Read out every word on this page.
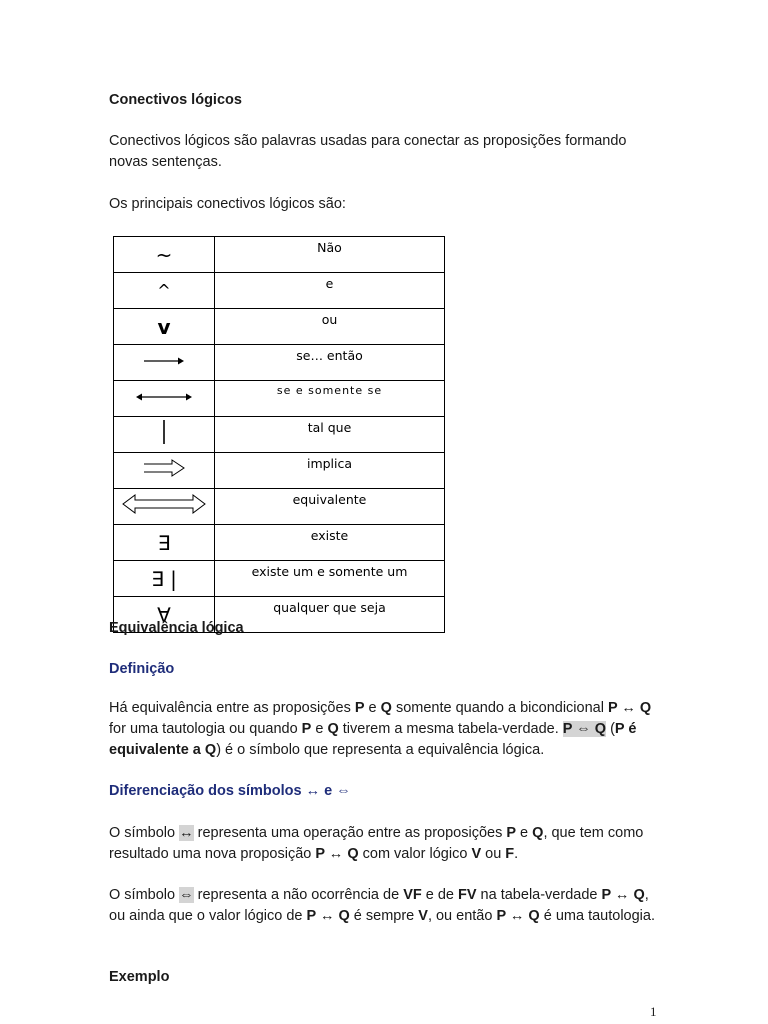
Conectivos lógicos

Conectivos lógicos são palavras usadas para conectar as proposições formando novas sentenças.

Os principais conectivos lógicos são:

~	Não
^	e
v	ou
	se… então
	se e somente se
	tal que
	implica
	equivalente
∃	existe
∃ |	existe um e somente um
∀	qualquer que seja
Equivalência lógica
Definição

Há equivalência entre as proposições P e Q somente quando a bicondicional P ↔ Q for uma tautologia ou quando P e Q tiverem a mesma tabela-verdade. P ⇔ Q (P é equivalente a Q) é o símbolo que representa a equivalência lógica.

Diferenciação dos símbolos ↔ e ⇔

O símbolo ↔ representa uma operação entre as proposições P e Q, que tem como resultado uma nova proposição P ↔ Q com valor lógico V ou F.

O símbolo ⇔ representa a não ocorrência de VF e de FV na tabela-verdade P ↔ Q, ou ainda que o valor lógico de P ↔ Q é sempre V, ou então P ↔ Q é uma tautologia.

Exemplo
1
